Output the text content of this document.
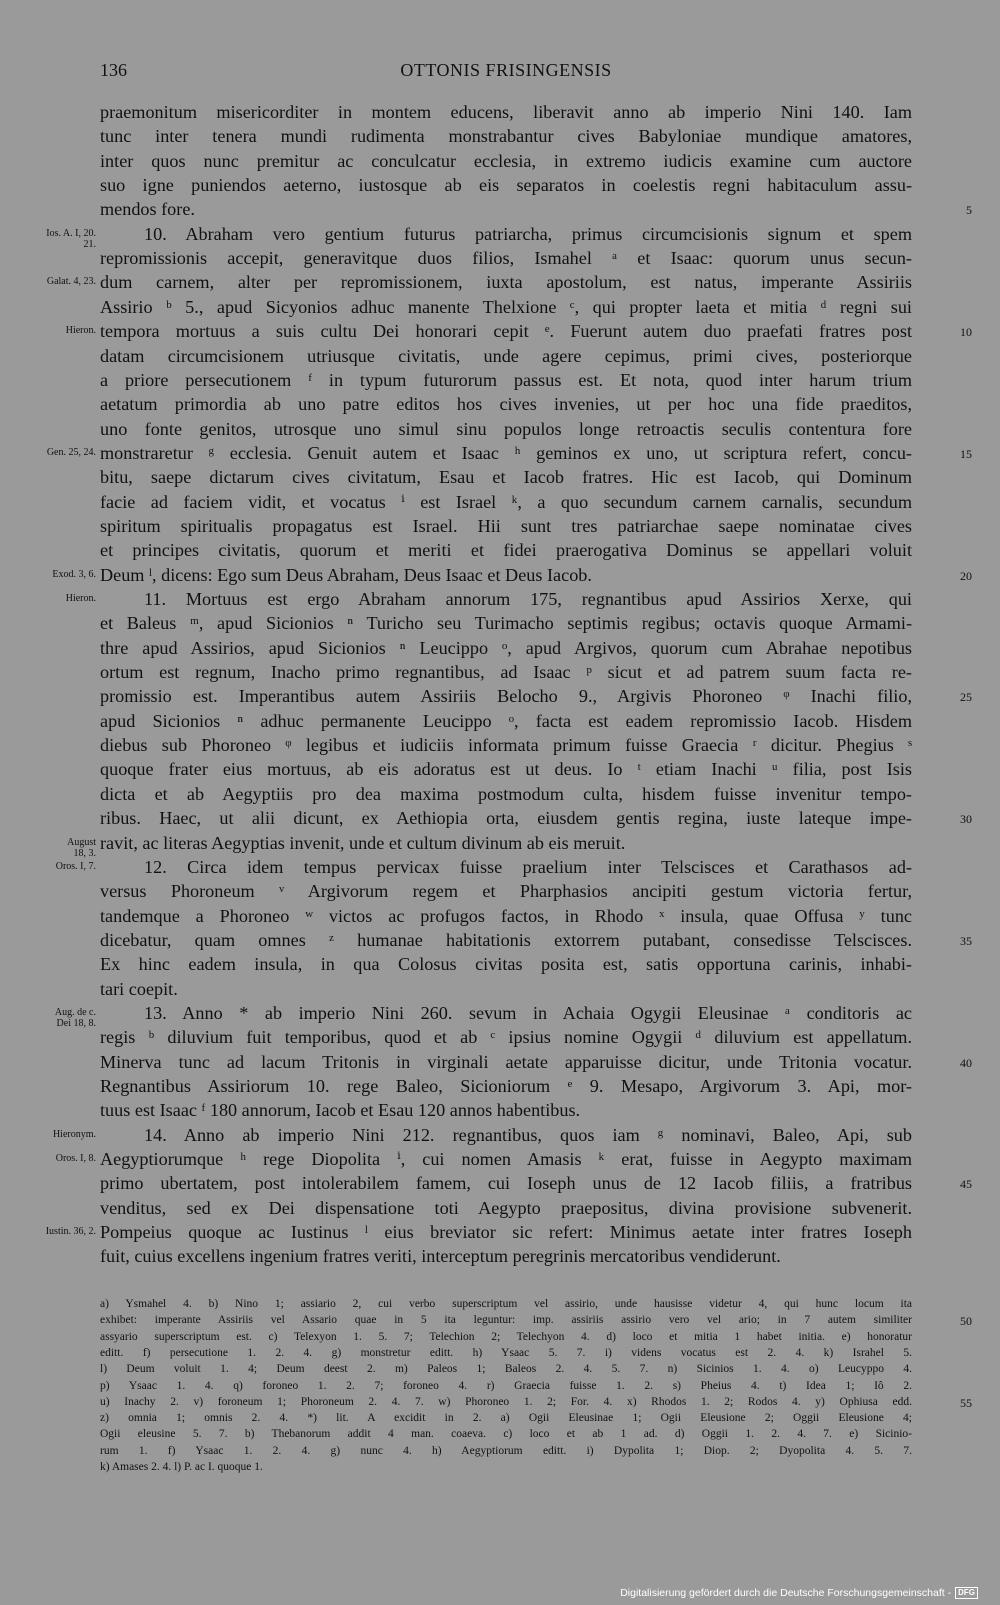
136	OTTONIS FRISINGENSIS
praemonitum misericorditer in montem educens, liberavit anno ab imperio Nini 140. Iam
tunc inter tenera mundi rudimenta monstrabantur cives Babyloniae mundique amatores,
inter quos nunc premitur ac conculcatur ecclesia, in extremo iudicis examine cum auctore
suo igne puniendos aeterno, iustosque ab eis separatos in coelestis regni habitaculum assu-
mendos fore.	5
10. Abraham vero gentium futurus patriarcha, primus circumcisionis signum et spem
Ios. A. I, 20.
21.
repromissionis accepit, generavitque duos filios, Ismahel ᵃ et Isaac: quorum unus secun-
dum carnem, alter per repromissionem, iuxta apostolum, est natus, imperante Assiriis
Galat. 4, 23.
Assirio ᵇ 5., apud Sicyonios adhuc manente Thelxione ᶜ, qui propter laeta et mitia ᵈ regni sui
tempora mortuus a suis cultu Dei honorari cepit ᵉ. Fuerunt autem duo praefati fratres post
Hieron.	10
datam circumcisionem utriusque civitatis, unde agere cepimus, primi cives, posteriorque
a priore persecutionem ᶠ in typum futurorum passus est. Et nota, quod inter harum trium
aetatum primordia ab uno patre editos hos cives invenies, ut per hoc una fide praeditos,
uno fonte genitos, utrosque uno simul sinu populos longe retroactis seculis contentura fore
monstraretur ᵍ ecclesia. Genuit autem et Isaac ʰ geminos ex uno, ut scriptura refert, concu-
Gen. 25, 24.	15
bitu, saepe dictarum cives civitatum, Esau et Iacob fratres. Hic est Iacob, qui Dominum
facie ad faciem vidit, et vocatus ⁱ est Israel ᵏ, a quo secundum carnem carnalis, secundum
spiritum spiritualis propagatus est Israel. Hii sunt tres patriarchae saepe nominatae cives
et principes civitatis, quorum et meriti et fidei praerogativa Dominus se appellari voluit
Deum ˡ, dicens: Ego sum Deus Abraham, Deus Isaac et Deus Iacob.
Exod. 3, 6.	20
11. Mortuus est ergo Abraham annorum 175, regnantibus apud Assirios Xerxe, qui
Hieron.
et Baleus ᵐ, apud Sicionios ⁿ Turicho seu Turimacho septimis regibus; octavis quoque Armami-
thre apud Assirios, apud Sicionios ⁿ Leucippo ᵒ, apud Argivos, quorum cum Abrahae nepotibus
ortum est regnum, Inacho primo regnantibus, ad Isaac ᵖ sicut et ad patrem suum facta re-
promissio est. Imperantibus autem Assiriis Belocho 9., Argivis Phoroneo ᵠ Inachi filio,	25
apud Sicionios ⁿ adhuc permanente Leucippo ᵒ, facta est eadem repromissio Iacob. Hisdem
diebus sub Phoroneo ᵠ legibus et iudiciis informata primum fuisse Graecia ʳ dicitur. Phegius ˢ
quoque frater eius mortuus, ab eis adoratus est ut deus. Io ᵗ etiam Inachi ᵘ filia, post Isis
dicta et ab Aegyptiis pro dea maxima postmodum culta, hisdem fuisse invenitur tempo-
ribus. Haec, ut alii dicunt, ex Aethiopia orta, eiusdem gentis regina, iuste lateque impe-	30
ravit, ac literas Aegyptias invenit, unde et cultum divinum ab eis meruit.
August
18, 3.
12. Circa idem tempus pervicax fuisse praelium inter Telscisces et Carathasos ad-
Oros. I, 7.
versus Phoroneum ᵛ Argivorum regem et Pharphasios ancipiti gestum victoria fertur,
tandemque a Phoroneo ʷ victos ac profugos factos, in Rhodo ˣ insula, quae Offusa ʸ tunc
dicebatur, quam omnes ᶻ humanae habitationis extorrem putabant, consedisse Telscisces.	35
Ex hinc eadem insula, in qua Colosus civitas posita est, satis opportuna carinis, inhabi-
tari coepit.
13. Anno * ab imperio Nini 260. sevum in Achaia Ogygii Eleusinae ᵃ conditoris ac
Aug. de c.
Dei 18, 8.
regis ᵇ diluvium fuit temporibus, quod et ab ᶜ ipsius nomine Ogygii ᵈ diluvium est appellatum.
Minerva tunc ad lacum Tritonis in virginali aetate apparuisse dicitur, unde Tritonia vocatur.	40
Regnantibus Assiriorum 10. rege Baleo, Sicioniorum ᵉ 9. Mesapo, Argivorum 3. Api, mor-
tuus est Isaac ᶠ 180 annorum, Iacob et Esau 120 annos habentibus.
14. Anno ab imperio Nini 212. regnantibus, quos iam ᵍ nominavi, Baleo, Api, sub
Hieronym.
Aegyptiorumque ʰ rege Diopolita ⁱ, cui nomen Amasis ᵏ erat, fuisse in Aegypto maximam
Oros. I, 8.
primo ubertatem, post intolerabilem famem, cui Ioseph unus de 12 Iacob filiis, a fratribus	45
venditus, sed ex Dei dispensatione toti Aegypto praepositus, divina provisione subvenerit.
Pompeius quoque ac Iustinus ˡ eius breviator sic refert: Minimus aetate inter fratres Ioseph
Iustin. 36, 2.
fuit, cuius excellens ingenium fratres veriti, interceptum peregrinis mercatoribus vendiderunt.
a) Ysmahel 4. b) Nino 1; assiario 2, cui verbo superscriptum vel assirio, unde hausisse videtur 4, qui hunc locum ita
exhibet: imperante Assiriis vel Assario quae in 5 ita leguntur: imp. assiriis assirio vero vel ario; in 7 autem similiter	50
assyario superscriptum est. c) Telexyon 1. 5. 7; Telechion 2; Telechyon 4. d) loco et mitia 1 habet initia. e) honoratur
editt. f) persecutione 1. 2. 4. g) monstretur editt. h) Ysaac 5. 7. i) videns vocatus est 2. 4. k) Israhel 5.
l) Deum voluit 1. 4; Deum deest 2. m) Paleos 1; Baleos 2. 4. 5. 7. n) Sicinios 1. 4. o) Leucyppo 4.
p) Ysaac 1. 4. q) foroneo 1. 2. 7; foroneo 4. r) Graecia fuisse 1. 2. s) Pheius 4. t) Idea 1; Iô 2.
u) Inachy 2. v) foroneum 1; Phoroneum 2. 4. 7. w) Phoroneo 1. 2; For. 4. x) Rhodos 1. 2; Rodos 4. y) Ophiusa edd.	55
z) omnia 1; omnis 2. 4. *) lit. A excidit in 2. a) Ogii Eleusinae 1; Ogii Eleusione 2; Oggii Eleusione 4;
Ogii eleusine 5. 7. b) Thebanorum addit 4 man. coaeva. c) loco et ab 1 ad. d) Oggii 1. 2. 4. 7. e) Sicinio-
rum 1. f) Ysaac 1. 2. 4. g) nunc 4. h) Aegyptiorum editt. i) Dypolita 1; Diop. 2; Dyopolita 4. 5. 7.
k) Amases 2. 4. l) P. ac I. quoque 1.
Digitalisierung gefördert durch die Deutsche Forschungsgemeinschaft - DFG
